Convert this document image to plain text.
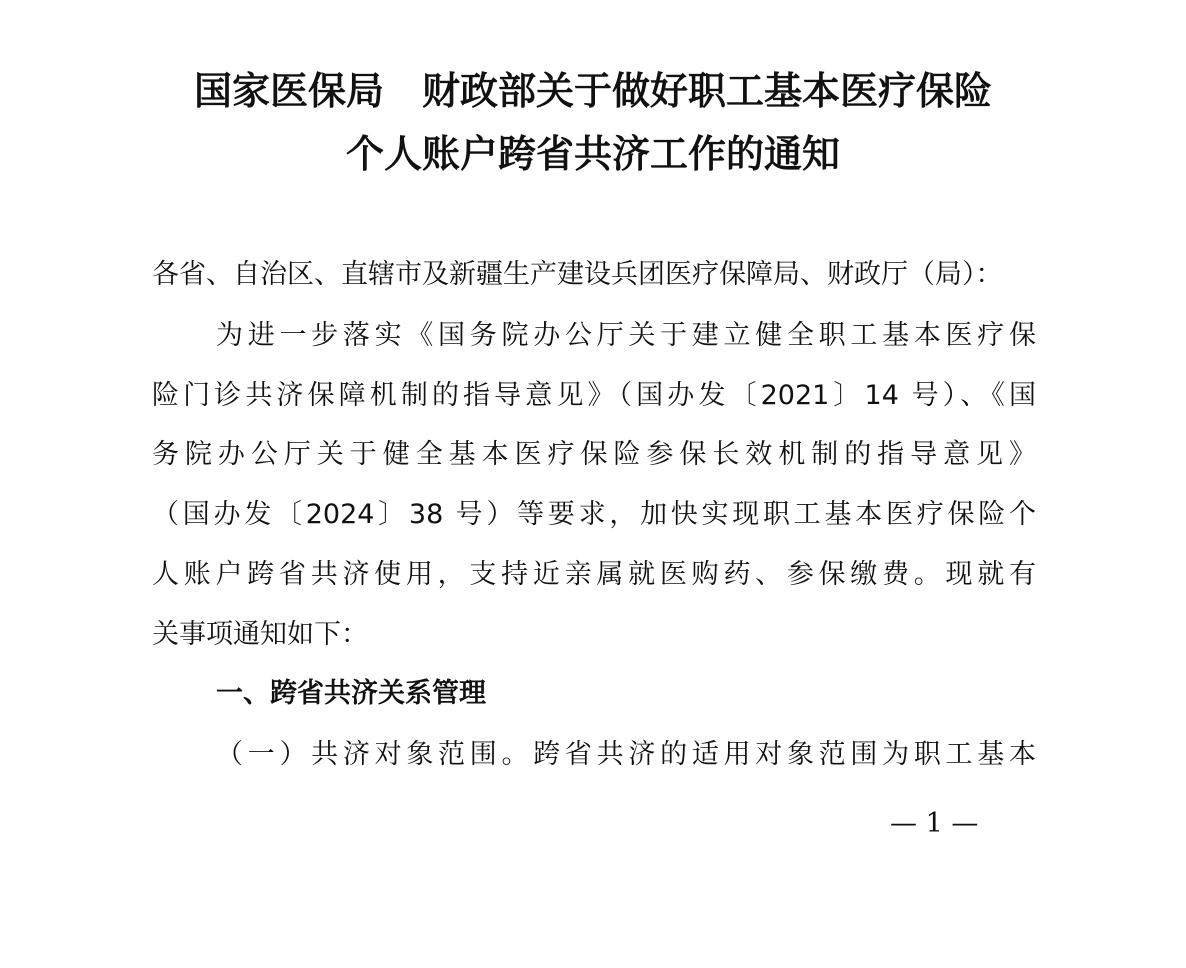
国家医保局 财政部关于做好职工基本医疗保险
个人账户跨省共济工作的通知
各省、自治区、直辖市及新疆生产建设兵团医疗保障局、财政厅（局）：
为进一步落实《国务院办公厅关于建立健全职工基本医疗保
险门诊共济保障机制的指导意见》（国办发〔2021〕14 号）、《国
务院办公厅关于健全基本医疗保险参保长效机制的指导意见》
（国办发〔2024〕38 号）等要求，加快实现职工基本医疗保险个
人账户跨省共济使用，支持近亲属就医购药、参保缴费。现就有
关事项通知如下：
一、跨省共济关系管理
（一）共济对象范围。跨省共济的适用对象范围为职工基本
— 1 —
